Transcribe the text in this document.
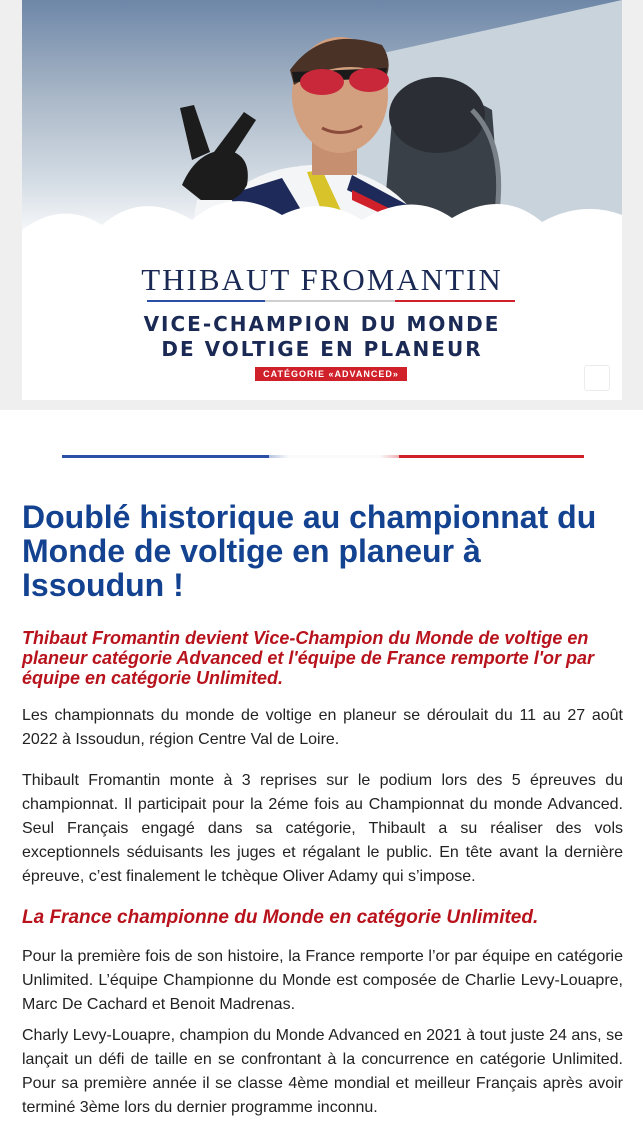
THIBAUT FROMANTIN
VICE-CHAMPION DU MONDE
DE VOLTIGE EN PLANEUR
CATÉGORIE «ADVANCED»
Doublé historique au championnat du Monde de voltige en planeur à Issoudun !

Thibaut Fromantin devient Vice-Champion du Monde de voltige en planeur catégorie Advanced et l'équipe de France remporte l'or par équipe en catégorie Unlimited.

Les championnats du monde de voltige en planeur se déroulait du 11 au 27 août 2022 à Issoudun, région Centre Val de Loire.

Thibault Fromantin monte à 3 reprises sur le podium lors des 5 épreuves du championnat. Il participait pour la 2éme fois au Championnat du monde Advanced. Seul Français engagé dans sa catégorie, Thibault a su réaliser des vols exceptionnels séduisants les juges et régalant le public. En tête avant la dernière épreuve, c’est finalement le tchèque Oliver Adamy qui s’impose.

La France championne du Monde en catégorie Unlimited.

Pour la première fois de son histoire, la France remporte l’or par équipe en catégorie Unlimited. L’équipe Championne du Monde est composée de Charlie Levy-Louapre, Marc De Cachard et Benoit Madrenas.

Charly Levy-Louapre, champion du Monde Advanced en 2021 à tout juste 24 ans, se lançait un défi de taille en se confrontant à la concurrence en catégorie Unlimited. Pour sa première année il se classe 4ème mondial et meilleur Français après avoir terminé 3ème lors du dernier programme inconnu.
